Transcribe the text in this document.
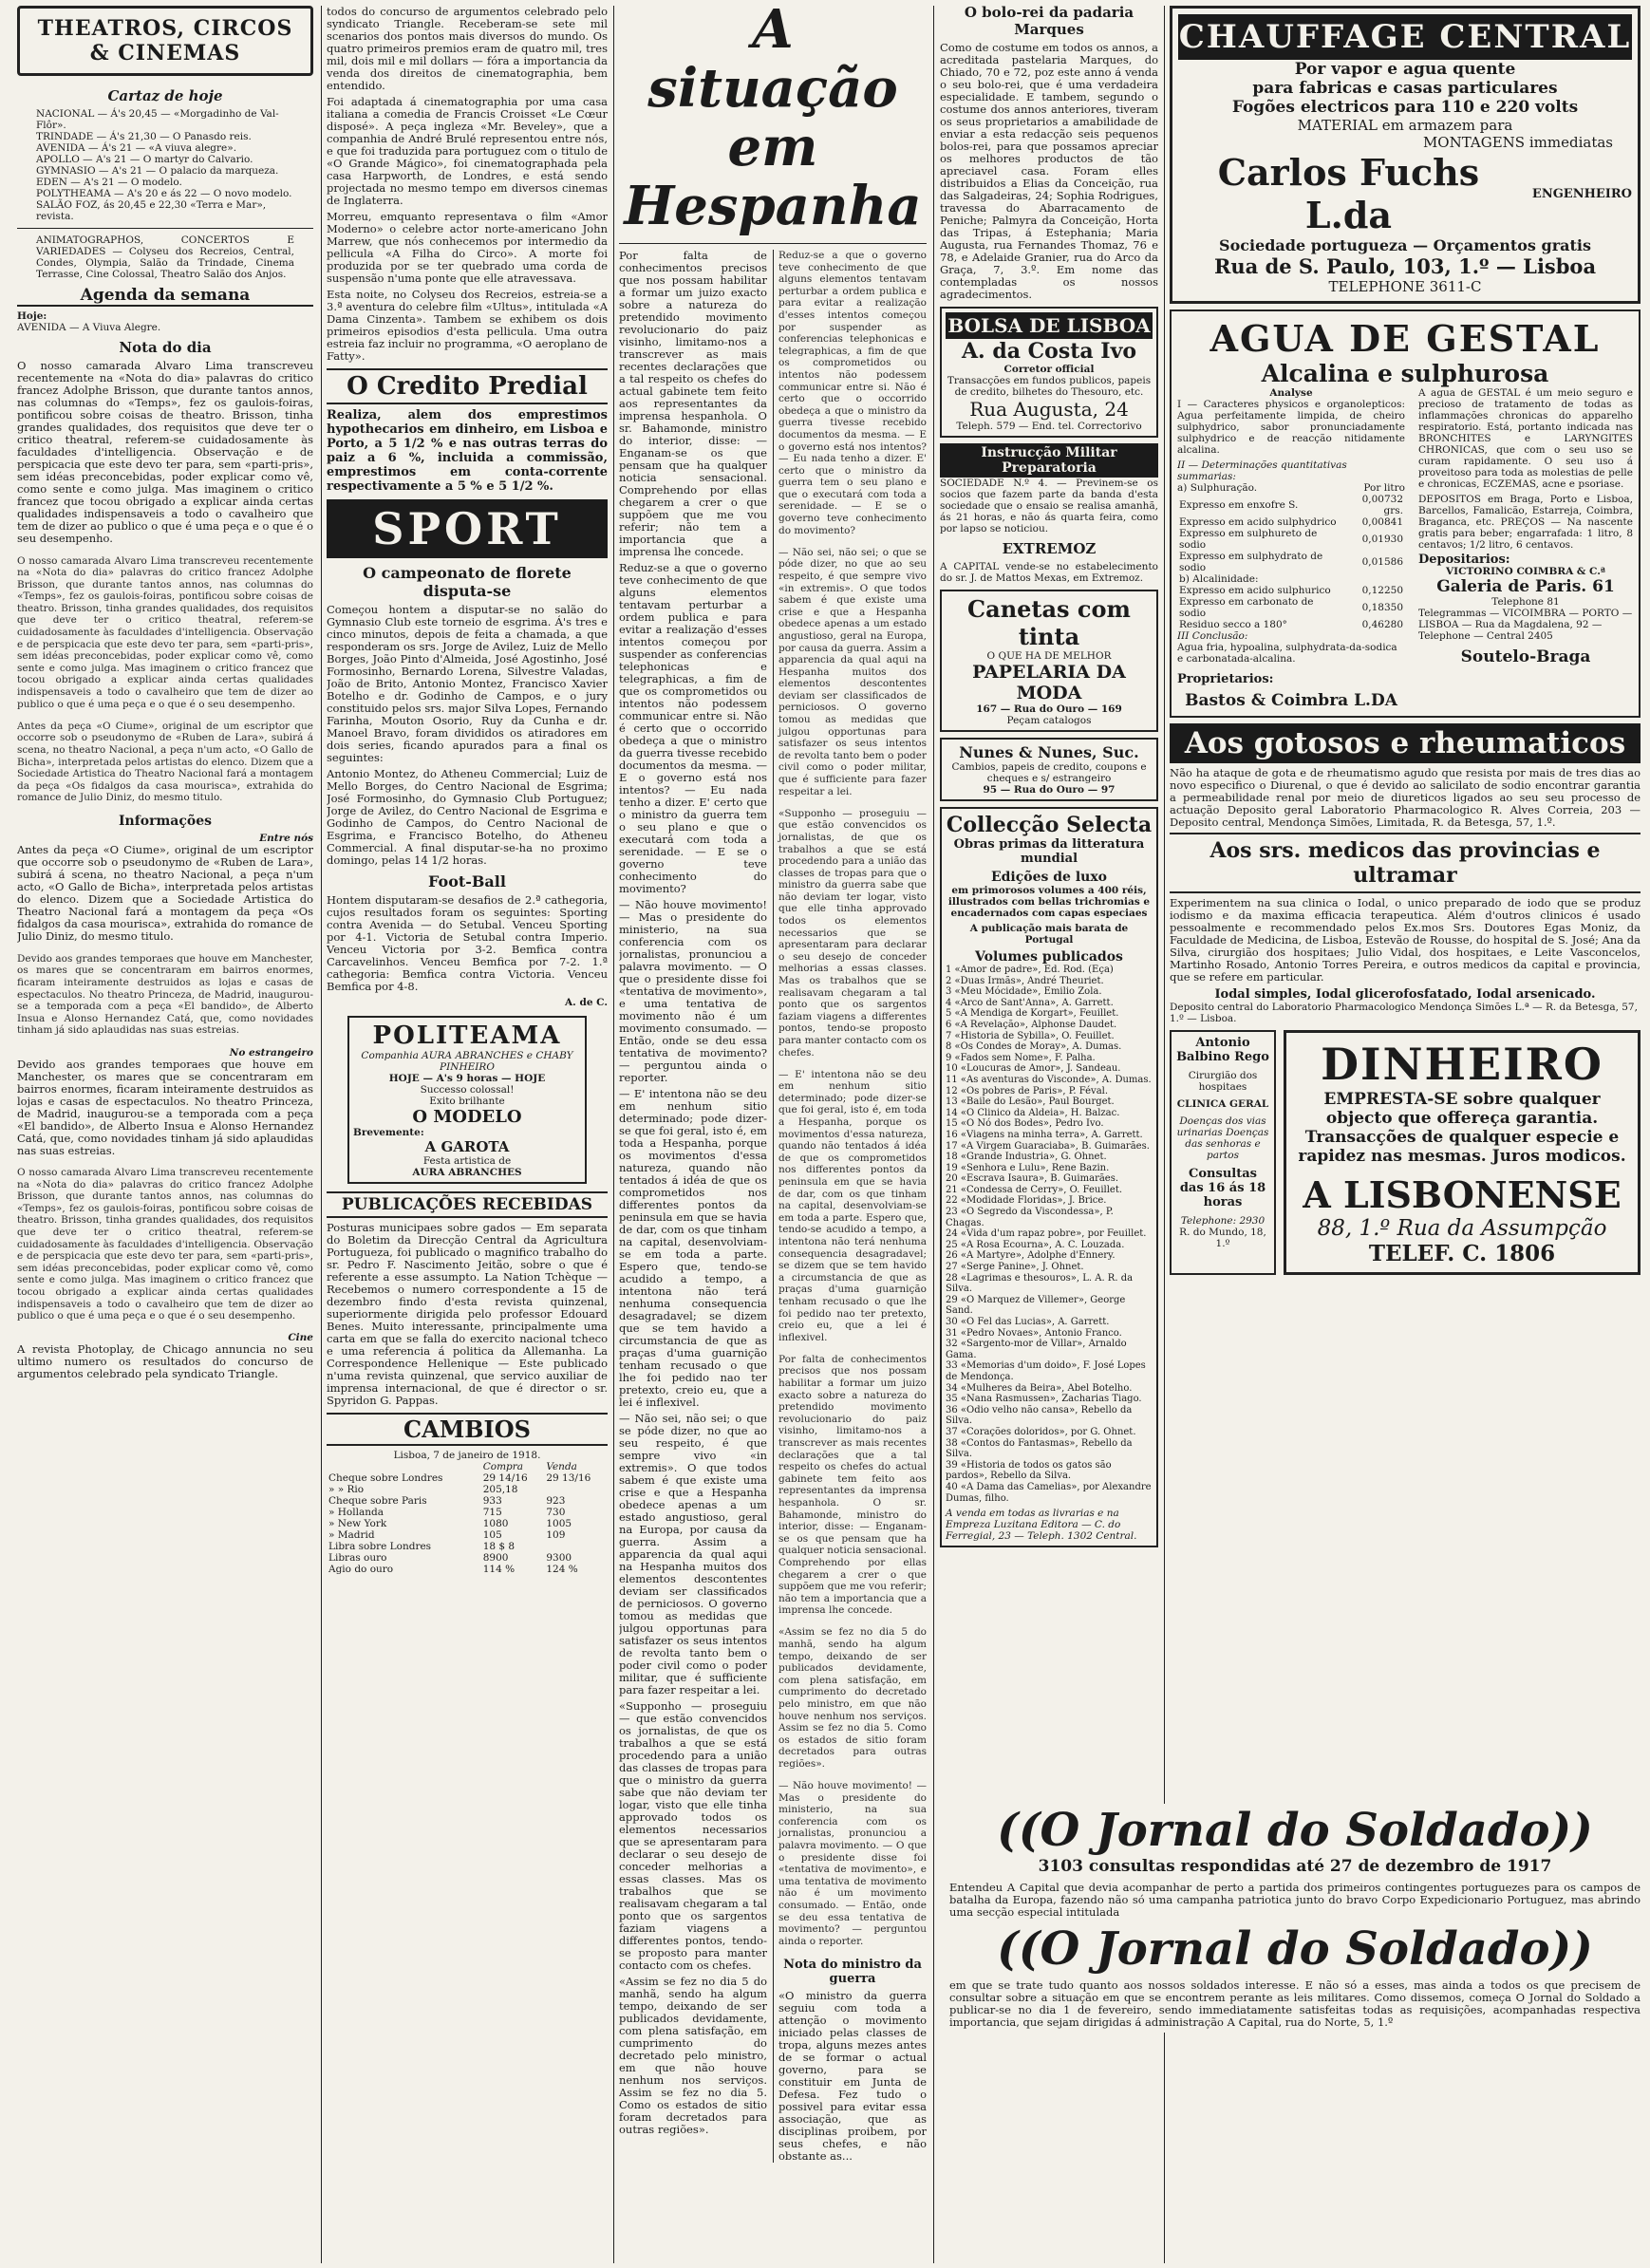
THEATROS, CIRCOS & CINEMAS
Cartaz de hoje
NACIONAL — Á's 20,45 — «Morgadinho de Val-Flôr».
TRINDADE — Á's 21,30 — O Panasdo reis.
AVENIDA — Á's 21 — «A viuva alegre».
APOLLO — A's 21 — O martyr do Calvario.
GYMNASIO — A's 21 — O palacio da marqueza.
EDEN — A's 21 — O modelo.
POLYTHEAMA — A's 20 e ás 22 — O novo modelo.
SALÃO FOZ, ás 20,45 e 22,30 «Terra e Mar», revista.
ANIMATOGRAPHOS, CONCERTOS E VARIEDADES — Colyseu dos Recreios, Central, Condes, Olympia, Salão da Trindade, Cinema Terrasse, Cine Colossal, Theatro Salão dos Anjos.
Agenda da semana
Hoje:
AVENIDA — A Viuva Alegre.
Nota do dia

O nosso camarada Alvaro Lima transcreveu recentemente na «Nota do dia» palavras do critico francez Adolphe Brisson, que durante tantos annos, nas columnas do «Temps», fez os gaulois-foiras, pontificou sobre coisas de theatro. Brisson, tinha grandes qualidades, dos requisitos que deve ter o critico theatral, referem-se cuidadosamente às faculdades d'intelligencia. Observação e de perspicacia que este devo ter para, sem «parti-pris», sem idéas preconcebidas, poder explicar como vê, como sente e como julga. Mas imaginem o critico francez que tocou obrigado a explicar ainda certas qualidades indispensaveis a todo o cavalheiro que tem de dizer ao publico o que é uma peça e o que é o seu desempenho.

O nosso camarada Alvaro Lima transcreveu recentemente na «Nota do dia» palavras do critico francez Adolphe Brisson, que durante tantos annos, nas columnas do «Temps», fez os gaulois-foiras, pontificou sobre coisas de theatro. Brisson, tinha grandes qualidades, dos requisitos que deve ter o critico theatral, referem-se cuidadosamente às faculdades d'intelligencia. Observação e de perspicacia que este devo ter para, sem «parti-pris», sem idéas preconcebidas, poder explicar como vê, como sente e como julga. Mas imaginem o critico francez que tocou obrigado a explicar ainda certas qualidades indispensaveis a todo o cavalheiro que tem de dizer ao publico o que é uma peça e o que é o seu desempenho.

Antes da peça «O Ciume», original de um escriptor que occorre sob o pseudonymo de «Ruben de Lara», subirá á scena, no theatro Nacional, a peça n'um acto, «O Gallo de Bicha», interpretada pelos artistas do elenco. Dizem que a Sociedade Artistica do Theatro Nacional fará a montagem da peça «Os fidalgos da casa mourisca», extrahida do romance de Julio Diniz, do mesmo titulo.

Informações
Entre nós

Antes da peça «O Ciume», original de um escriptor que occorre sob o pseudonymo de «Ruben de Lara», subirá á scena, no theatro Nacional, a peça n'um acto, «O Gallo de Bicha», interpretada pelos artistas do elenco. Dizem que a Sociedade Artistica do Theatro Nacional fará a montagem da peça «Os fidalgos da casa mourisca», extrahida do romance de Julio Diniz, do mesmo titulo.

Devido aos grandes temporaes que houve em Manchester, os mares que se concentraram em bairros enormes, ficaram inteiramente destruidos as lojas e casas de espectaculos. No theatro Princeza, de Madrid, inaugurou-se a temporada com a peça «El bandido», de Alberto Insua e Alonso Hernandez Catá, que, como novidades tinham já sido aplaudidas nas suas estreias.

No estrangeiro

Devido aos grandes temporaes que houve em Manchester, os mares que se concentraram em bairros enormes, ficaram inteiramente destruidos as lojas e casas de espectaculos. No theatro Princeza, de Madrid, inaugurou-se a temporada com a peça «El bandido», de Alberto Insua e Alonso Hernandez Catá, que, como novidades tinham já sido aplaudidas nas suas estreias.

O nosso camarada Alvaro Lima transcreveu recentemente na «Nota do dia» palavras do critico francez Adolphe Brisson, que durante tantos annos, nas columnas do «Temps», fez os gaulois-foiras, pontificou sobre coisas de theatro. Brisson, tinha grandes qualidades, dos requisitos que deve ter o critico theatral, referem-se cuidadosamente às faculdades d'intelligencia. Observação e de perspicacia que este devo ter para, sem «parti-pris», sem idéas preconcebidas, poder explicar como vê, como sente e como julga. Mas imaginem o critico francez que tocou obrigado a explicar ainda certas qualidades indispensaveis a todo o cavalheiro que tem de dizer ao publico o que é uma peça e o que é o seu desempenho.

Cine

A revista Photoplay, de Chicago annuncia no seu ultimo numero os resultados do concurso de argumentos celebrado pela syndicato Triangle.

todos do concurso de argumentos celebrado pelo syndicato Triangle. Receberam-se sete mil scenarios dos pontos mais diversos do mundo. Os quatro primeiros premios eram de quatro mil, tres mil, dois mil e mil dollars — fóra a importancia da venda dos direitos de cinematographia, bem entendido.

Foi adaptada á cinematographia por uma casa italiana a comedia de Francis Croisset «Le Cœur disposé». A peça ingleza «Mr. Beveley», que a companhia de André Brulé representou entre nós, e que foi traduzida para portuguez com o titulo de «O Grande Mágico», foi cinematographada pela casa Harpworth, de Londres, e está sendo projectada no mesmo tempo em diversos cinemas de Inglaterra.

Morreu, emquanto representava o film «Amor Moderno» o celebre actor norte-americano John Marrew, que nós conhecemos por intermedio da pellicula «A Filha do Circo». A morte foi produzida por se ter quebrado uma corda de suspensão n'uma ponte que elle atravessava.

Esta noite, no Colyseu dos Recreios, estreia-se a 3.ª aventura do celebre film «Ultus», intitulada «A Dama Cinzenta». Tambem se exhibem os dois primeiros episodios d'esta pellicula. Uma outra estreia faz incluir no programma, «O aeroplano de Fatty».

O Credito Predial

Realiza, alem dos emprestimos hypothecarios em dinheiro, em Lisboa e Porto, a 5 1/2 % e nas outras terras do paiz a 6 %, incluida a commissão, emprestimos em conta-corrente respectivamente a 5 % e 5 1/2 %.

SPORT
O campeonato de florete disputa-se

Começou hontem a disputar-se no salão do Gymnasio Club este torneio de esgrima. Á's tres e cinco minutos, depois de feita a chamada, a que responderam os srs. Jorge de Avilez, Luiz de Mello Borges, João Pinto d'Almeida, José Agostinho, José Formosinho, Bernardo Lorena, Silvestre Valadas, João de Brito, Antonio Montez, Francisco Xavier Botelho e dr. Godinho de Campos, e o jury constituido pelos srs. major Silva Lopes, Fernando Farinha, Mouton Osorio, Ruy da Cunha e dr. Manoel Bravo, foram divididos os atiradores em dois series, ficando apurados para a final os seguintes:

Antonio Montez, do Atheneu Commercial; Luiz de Mello Borges, do Centro Nacional de Esgrima; José Formosinho, do Gymnasio Club Portuguez; Jorge de Avilez, do Centro Nacional de Esgrima e Godinho de Campos, do Centro Nacional de Esgrima, e Francisco Botelho, do Atheneu Commercial. A final disputar-se-ha no proximo domingo, pelas 14 1/2 horas.

Foot-Ball

Hontem disputaram-se desafios de 2.ª cathegoria, cujos resultados foram os seguintes: Sporting contra Avenida — do Setubal. Venceu Sporting por 4-1. Victoria de Setubal contra Imperio. Venceu Victoria por 3-2. Bemfica contra Carcavelinhos. Venceu Bemfica por 7-2. 1.ª cathegoria: Bemfica contra Victoria. Venceu Bemfica por 4-8.

A. de C.
POLITEAMA
Companhia AURA ABRANCHES e CHABY PINHEIRO
HOJE — A's 9 horas — HOJE
Successo colossal!
Exito brilhante
O MODELO
Brevemente:
A GAROTA
Festa artistica de
AURA ABRANCHES
PUBLICAÇÕES RECEBIDAS

Posturas municipaes sobre gados — Em separata do Boletim da Direcção Central da Agricultura Portugueza, foi publicado o magnifico trabalho do sr. Pedro F. Nascimento Jeitão, sobre o que é referente a esse assumpto. La Nation Tchèque — Recebemos o numero correspondente a 15 de dezembro findo d'esta revista quinzenal, superiormente dirigida pelo professor Edouard Benes. Muito interessante, principalmente uma carta em que se falla do exercito nacional tcheco e uma referencia á politica da Allemanha. La Correspondence Hellenique — Este publicado n'uma revista quinzenal, que servico auxiliar de imprensa internacional, de que é director o sr. Spyridon G. Pappas.

CAMBIOS
Lisboa, 7 de janeiro de 1918.
	Compra	Venda
Cheque sobre Londres	29 14/16	29 13/16
» » Rio	205,18	
Cheque sobre Paris	933	923
» Hollanda	715	730
» New York	1080	1005
» Madrid	105	109
Libra sobre Londres	18 $ 8	
Libras ouro	8900	9300
Agio do ouro	114 %	124 %
A situação
em Hespanha

Por falta de conhecimentos precisos que nos possam habilitar a formar um juizo exacto sobre a natureza do pretendido movimento revolucionario do paiz visinho, limitamo-nos a transcrever as mais recentes declarações que a tal respeito os chefes do actual gabinete tem feito aos representantes da imprensa hespanhola. O sr. Bahamonde, ministro do interior, disse: — Enganam-se os que pensam que ha qualquer noticia sensacional. Comprehendo por ellas chegarem a crer o que suppõem que me vou referir; não tem a importancia que a imprensa lhe concede.

Reduz-se a que o governo teve conhecimento de que alguns elementos tentavam perturbar a ordem publica e para evitar a realização d'esses intentos começou por suspender as conferencias telephonicas e telegraphicas, a fim de que os comprometidos ou intentos não podessem communicar entre si. Não é certo que o occorrido obedeça a que o ministro da guerra tivesse recebido documentos da mesma. — E o governo está nos intentos? — Eu nada tenho a dizer. E' certo que o ministro da guerra tem o seu plano e que o executará com toda a serenidade. — E se o governo teve conhecimento do movimento?

— Não houve movimento! — Mas o presidente do ministerio, na sua conferencia com os jornalistas, pronunciou a palavra movimento. — O que o presidente disse foi «tentativa de movimento», e uma tentativa de movimento não é um movimento consumado. — Então, onde se deu essa tentativa de movimento? — perguntou ainda o reporter.

— E' intentona não se deu em nenhum sitio determinado; pode dizer-se que foi geral, isto é, em toda a Hespanha, porque os movimentos d'essa natureza, quando não tentados á idéa de que os comprometidos nos differentes pontos da peninsula em que se havia de dar, com os que tinham na capital, desenvolviam-se em toda a parte. Espero que, tendo-se acudido a tempo, a intentona não terá nenhuma consequencia desagradavel; se dizem que se tem havido a circumstancia de que as praças d'uma guarnição tenham recusado o que lhe foi pedido nao ter pretexto, creio eu, que a lei é inflexivel.

— Não sei, não sei; o que se póde dizer, no que ao seu respeito, é que sempre vivo «in extremis». O que todos sabem é que existe uma crise e que a Hespanha obedece apenas a um estado angustioso, geral na Europa, por causa da guerra. Assim a apparencia da qual aqui na Hespanha muitos dos elementos descontentes deviam ser classificados de perniciosos. O governo tomou as medidas que julgou opportunas para satisfazer os seus intentos de revolta tanto bem o poder civil como o poder militar, que é sufficiente para fazer respeitar a lei.

«Supponho — proseguiu — que estão convencidos os jornalistas, de que os trabalhos a que se está procedendo para a união das classes de tropas para que o ministro da guerra sabe que não deviam ter logar, visto que elle tinha approvado todos os elementos necessarios que se apresentaram para declarar o seu desejo de conceder melhorias a essas classes. Mas os trabalhos que se realisavam chegaram a tal ponto que os sargentos faziam viagens a differentes pontos, tendo-se proposto para manter contacto com os chefes.

«Assim se fez no dia 5 do manhã, sendo ha algum tempo, deixando de ser publicados devidamente, com plena satisfação, em cumprimento do decretado pelo ministro, em que não houve nenhum nos serviços. Assim se fez no dia 5. Como os estados de sitio foram decretados para outras regiões».

Reduz-se a que o governo teve conhecimento de que alguns elementos tentavam perturbar a ordem publica e para evitar a realização d'esses intentos começou por suspender as conferencias telephonicas e telegraphicas, a fim de que os comprometidos ou intentos não podessem communicar entre si. Não é certo que o occorrido obedeça a que o ministro da guerra tivesse recebido documentos da mesma. — E o governo está nos intentos? — Eu nada tenho a dizer. E' certo que o ministro da guerra tem o seu plano e que o executará com toda a serenidade. — E se o governo teve conhecimento do movimento?

— Não sei, não sei; o que se póde dizer, no que ao seu respeito, é que sempre vivo «in extremis». O que todos sabem é que existe uma crise e que a Hespanha obedece apenas a um estado angustioso, geral na Europa, por causa da guerra. Assim a apparencia da qual aqui na Hespanha muitos dos elementos descontentes deviam ser classificados de perniciosos. O governo tomou as medidas que julgou opportunas para satisfazer os seus intentos de revolta tanto bem o poder civil como o poder militar, que é sufficiente para fazer respeitar a lei.

«Supponho — proseguiu — que estão convencidos os jornalistas, de que os trabalhos a que se está procedendo para a união das classes de tropas para que o ministro da guerra sabe que não deviam ter logar, visto que elle tinha approvado todos os elementos necessarios que se apresentaram para declarar o seu desejo de conceder melhorias a essas classes. Mas os trabalhos que se realisavam chegaram a tal ponto que os sargentos faziam viagens a differentes pontos, tendo-se proposto para manter contacto com os chefes.

— E' intentona não se deu em nenhum sitio determinado; pode dizer-se que foi geral, isto é, em toda a Hespanha, porque os movimentos d'essa natureza, quando não tentados á idéa de que os comprometidos nos differentes pontos da peninsula em que se havia de dar, com os que tinham na capital, desenvolviam-se em toda a parte. Espero que, tendo-se acudido a tempo, a intentona não terá nenhuma consequencia desagradavel; se dizem que se tem havido a circumstancia de que as praças d'uma guarnição tenham recusado o que lhe foi pedido nao ter pretexto, creio eu, que a lei é inflexivel.

Por falta de conhecimentos precisos que nos possam habilitar a formar um juizo exacto sobre a natureza do pretendido movimento revolucionario do paiz visinho, limitamo-nos a transcrever as mais recentes declarações que a tal respeito os chefes do actual gabinete tem feito aos representantes da imprensa hespanhola. O sr. Bahamonde, ministro do interior, disse: — Enganam-se os que pensam que ha qualquer noticia sensacional. Comprehendo por ellas chegarem a crer o que suppõem que me vou referir; não tem a importancia que a imprensa lhe concede.

«Assim se fez no dia 5 do manhã, sendo ha algum tempo, deixando de ser publicados devidamente, com plena satisfação, em cumprimento do decretado pelo ministro, em que não houve nenhum nos serviços. Assim se fez no dia 5. Como os estados de sitio foram decretados para outras regiões».

— Não houve movimento! — Mas o presidente do ministerio, na sua conferencia com os jornalistas, pronunciou a palavra movimento. — O que o presidente disse foi «tentativa de movimento», e uma tentativa de movimento não é um movimento consumado. — Então, onde se deu essa tentativa de movimento? — perguntou ainda o reporter.

Nota do ministro da guerra

«O ministro da guerra seguiu com toda a attenção o movimento iniciado pelas classes de tropa, alguns mezes antes de se formar o actual governo, para se constituir em Junta de Defesa. Fez tudo o possivel para evitar essa associação, que as disciplinas proibem, por seus chefes, e não obstante as...

O bolo-rei da padaria Marques

Como de costume em todos os annos, a acreditada pastelaria Marques, do Chiado, 70 e 72, poz este anno á venda o seu bolo-rei, que é uma verdadeira especialidade. E tambem, segundo o costume dos annos anteriores, tiveram os seus proprietarios a amabilidade de enviar a esta redacção seis pequenos bolos-rei, para que possamos apreciar os melhores productos de tão apreciavel casa. Foram elles distribuidos a Elias da Conceição, rua das Salgadeiras, 24; Sophia Rodrigues, travessa do Abarracamento de Peniche; Palmyra da Conceição, Horta das Tripas, á Estephania; Maria Augusta, rua Fernandes Thomaz, 76 e 78, e Adelaide Granier, rua do Arco da Graça, 7, 3.º. Em nome das contempladas os nossos agradecimentos.

BOLSA DE LISBOA
A. da Costa Ivo
Corretor official
Transacções em fundos publicos, papeis de credito, bilhetes do Thesouro, etc.
Rua Augusta, 24
Teleph. 579 — End. tel. Correctorivo
Instrucção Militar Preparatoria

SOCIEDADE N.º 4. — Previnem-se os socios que fazem parte da banda d'esta sociedade que o ensaio se realisa amanhã, ás 21 horas, e não ás quarta feira, como por lapso se noticiou.

EXTREMOZ

A CAPITAL vende-se no estabelecimento do sr. J. de Mattos Mexas, em Extremoz.

Canetas com tinta
O QUE HA DE MELHOR
PAPELARIA DA MODA
167 — Rua do Ouro — 169
Peçam catalogos
Nunes & Nunes, Suc.
Cambios, papeis de credito, coupons e cheques e s/ estrangeiro
95 — Rua do Ouro — 97
Collecção Selecta
Obras primas da litteratura mundial
Edições de luxo
em primorosos volumes a 400 réis, illustrados com bellas trichromias e encadernados com capas especiaes
A publicação mais barata de Portugal
Volumes publicados
1 «Amor de padre», Ed. Rod. (Eça)
2 «Duas Irmãs», André Theuriet.
3 «Meu Mócidade», Emilio Zola.
4 «Arco de Sant'Anna», A. Garrett.
5 «A Mendiga de Korgart», Feuillet.
6 «A Revelação», Alphonse Daudet.
7 «Historia de Sybilla», O. Feuillet.
8 «Os Condes de Moray», A. Dumas.
9 «Fados sem Nome», F. Palha.
10 «Loucuras de Amor», J. Sandeau.
11 «As aventuras do Visconde», A. Dumas.
12 «Os pobres de Paris», P. Féval.
13 «Baile do Lesão», Paul Bourget.
14 «O Clinico da Aldeia», H. Balzac.
15 «O Nó dos Bodes», Pedro Ivo.
16 «Viagens na minha terra», A. Garrett.
17 «A Virgem Guaraciaba», B. Guimarães.
18 «Grande Industria», G. Ohnet.
19 «Senhora e Lulu», Rene Bazin.
20 «Escrava Isaura», B. Guimarães.
21 «Condessa de Cerry», O. Feuillet.
22 «Modidade Floridas», J. Brice.
23 «O Segredo da Viscondessa», P. Chagas.
24 «Vida d'um rapaz pobre», por Feuillet.
25 «A Rosa Ecourna», A. C. Louzada.
26 «A Martyre», Adolphe d'Ennery.
27 «Serge Panine», J. Ohnet.
28 «Lagrimas e thesouros», L. A. R. da Silva.
29 «O Marquez de Villemer», George Sand.
30 «O Fel das Lucias», A. Garrett.
31 «Pedro Novaes», Antonio Franco.
32 «Sargento-mor de Villar», Arnaldo Gama.
33 «Memorias d'um doido», F. José Lopes de Mendonça.
34 «Mulheres da Beira», Abel Botelho.
35 «Nana Rasmussen», Zacharias Tiago.
36 «Odio velho não cansa», Rebello da Silva.
37 «Corações doloridos», por G. Ohnet.
38 «Contos do Fantasmas», Rebello da Silva.
39 «Historia de todos os gatos são pardos», Rebello da Silva.
40 «A Dama das Camelias», por Alexandre Dumas, filho.
A venda em todas as livrarias e na Empreza Luzitana Editora — C. do Ferregial, 23 — Teleph. 1302 Central.
CHAUFFAGE CENTRAL
Por vapor e agua quente
para fabricas e casas particulares
Fogões electricos para 110 e 220 volts
MATERIAL em armazem para
MONTAGENS immediatas
Carlos Fuchs L.da	ENGENHEIRO
Sociedade portugueza — Orçamentos gratis
Rua de S. Paulo, 103, 1.º — Lisboa
TELEPHONE 3611-C
AGUA DE GESTAL
Alcalina e sulphurosa
Analyse

I — Caracteres physicos e organolepticos: Agua perfeitamente limpida, de cheiro sulphydrico, sabor pronunciadamente sulphydrico e de reacção nitidamente alcalina.

II — Determinações quantitativas summarias:
a) Sulphuração.	Por litro
Expresso em enxofre S.	0,00732 grs.
Expresso em acido sulphydrico	0,00841
Expresso em sulphureto de sodio	0,01930
Expresso em sulphydrato de sodio	0,01586
b) Alcalinidade:	
Expresso em acido sulphurico	0,12250
Expresso em carbonato de sodio	0,18350
Residuo secco a 180°	0,46280
III Conclusão:
Agua fria, hypoalina, sulphydrata-da-sodica e carbonatada-alcalina.
Proprietarios:
Bastos & Coimbra L.DA

A agua de GESTAL é um meio seguro e precioso de tratamento de todas as inflammações chronicas do apparelho respiratorio. Está, portanto indicada nas BRONCHITES e LARYNGITES CHRONICAS, que com o seu uso se curam rapidamente. O seu uso á proveitoso para toda as molestias de pelle e chronicas, ECZEMAS, acne e psoriase.

DEPOSITOS em Braga, Porto e Lisboa, Barcellos, Famalicão, Estarreja, Coimbra, Braganca, etc. PREÇOS — Na nascente gratis para beber; engarrafada: 1 litro, 8 centavos; 1/2 litro, 6 centavos.

Depositarios:
VICTORINO COIMBRA & C.ª
Galeria de Paris. 61
Telephone 81
Telegrammas — VICOIMBRA — PORTO — LISBOA — Rua da Magdalena, 92 — Telephone — Central 2405
Soutelo-Braga
Aos gotosos e rheumaticos

Não ha ataque de gota e de rheumatismo agudo que resista por mais de tres dias ao novo especifico o Diurenal, o que é devido ao salicilato de sodio encontrar garantia a permeabilidade renal por meio de diureticos ligados ao seu seu processo de actuação Deposito geral Laboratorio Pharmacologico R. Alves Correia, 203 — Deposito central, Mendonça Simões, Limitada, R. da Betesga, 57, 1.º.

Aos srs. medicos das provincias e ultramar

Experimentem na sua clinica o Iodal, o unico preparado de iodo que se produz iodismo e da maxima efficacia terapeutica. Além d'outros clinicos é usado pessoalmente e recommendado pelos Ex.mos Srs. Doutores Egas Moniz, da Faculdade de Medicina, de Lisboa, Estevão de Rousse, do hospital de S. José; Ana da Silva, cirurgião dos hospitaes; Julio Vidal, dos hospitaes, e Leite Vasconcelos, Martinho Rosado, Antonio Torres Pereira, e outros medicos da capital e provincia, que se refere em particular.

Iodal simples, Iodal glicerofosfatado, Iodal arsenicado.
Deposito central do Laboratorio Pharmacologico Mendonça Simões L.ª — R. da Betesga, 57, 1.º — Lisboa.
Antonio Balbino Rego
Cirurgião dos hospitaes
CLINICA GERAL
Doenças dos vias urinarias Doenças das senhoras e partos
Consultas das 16 ás 18 horas
Telephone: 2930
R. do Mundo, 18, 1.º
DINHEIRO
EMPRESTA-SE sobre qualquer objecto que offereça garantia. Transacções de qualquer especie e rapidez nas mesmas. Juros modicos.
A LISBONENSE
88, 1.º Rua da Assumpção
TELEF. C. 1806
((O Jornal do Soldado))
3103 consultas respondidas até 27 de dezembro de 1917

Entendeu A Capital que devia acompanhar de perto a partida dos primeiros contingentes portuguezes para os campos de batalha da Europa, fazendo não só uma campanha patriotica junto do bravo Corpo Expedicionario Portuguez, mas abrindo uma secção especial intitulada

((O Jornal do Soldado))

em que se trate tudo quanto aos nossos soldados interesse. E não só a esses, mas ainda a todos os que precisem de consultar sobre a situação em que se encontrem perante as leis militares. Como dissemos, começa O Jornal do Soldado a publicar-se no dia 1 de fevereiro, sendo immediatamente satisfeitas todas as requisições, acompanhadas respectiva importancia, que sejam dirigidas á administração A Capital, rua do Norte, 5, 1.º
